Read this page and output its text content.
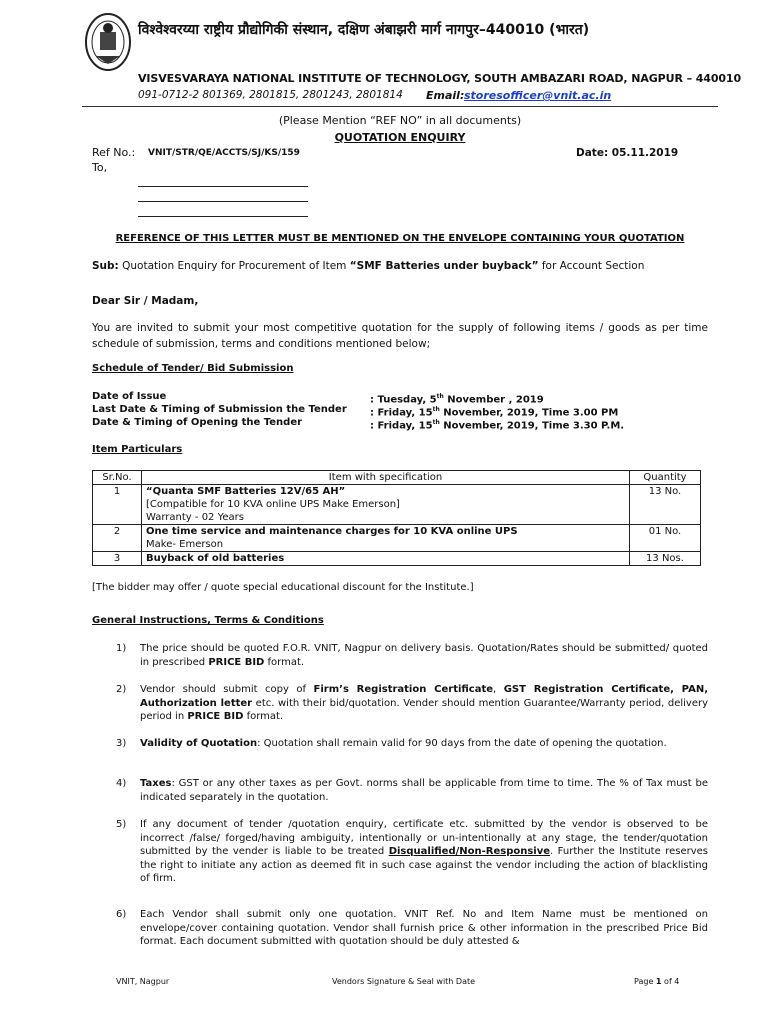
विश्वेश्वरय्या राष्ट्रीय प्रौद्योगिकी संस्थान, दक्षिण अंबाझरी मार्ग नागपुर–440010 (भारत)
VISVESVARAYA NATIONAL INSTITUTE OF TECHNOLOGY, SOUTH AMBAZARI ROAD, NAGPUR – 440010
091-0712-2 801369, 2801815, 2801243, 2801814 Email: storesofficer@vnit.ac.in
(Please Mention “REF NO” in all documents)
QUOTATION ENQUIRY
Ref No.: VNIT/STR/QE/ACCTS/SJ/KS/159	Date: 05.11.2019
To,
REFERENCE OF THIS LETTER MUST BE MENTIONED ON THE ENVELOPE CONTAINING YOUR QUOTATION
Sub: Quotation Enquiry for Procurement of Item “SMF Batteries under buyback” for Account Section
Dear Sir / Madam,
You are invited to submit your most competitive quotation for the supply of following items / goods as per time schedule of submission, terms and conditions mentioned below;
Schedule of Tender/ Bid Submission
Date of Issue	: Tuesday, 5th November , 2019
Last Date & Timing of Submission the Tender : Friday, 15th November, 2019, Time 3.00 PM
Date & Timing of Opening the Tender	: Friday, 15th November, 2019, Time 3.30 P.M.
Item Particulars
Sr.No.	Item with specification	Quantity
1	“Quanta SMF Batteries 12V/65 AH”
[Compatible for 10 KVA online UPS Make Emerson]
Warranty - 02 Years	13 No.
2	One time service and maintenance charges for 10 KVA online UPS
Make- Emerson	01 No.
3	Buyback of old batteries	13 Nos.
[The bidder may offer / quote special educational discount for the Institute.]
General Instructions, Terms & Conditions
1) The price should be quoted F.O.R. VNIT, Nagpur on delivery basis. Quotation/Rates should be submitted/ quoted in prescribed PRICE BID format.
2) Vendor should submit copy of Firm’s Registration Certificate, GST Registration Certificate, PAN, Authorization letter etc. with their bid/quotation. Vender should mention Guarantee/Warranty period, delivery period in PRICE BID format.
3) Validity of Quotation: Quotation shall remain valid for 90 days from the date of opening the quotation.
4) Taxes: GST or any other taxes as per Govt. norms shall be applicable from time to time. The % of Tax must be indicated separately in the quotation.
5) If any document of tender /quotation enquiry, certificate etc. submitted by the vendor is observed to be incorrect /false/ forged/having ambiguity, intentionally or un-intentionally at any stage, the tender/quotation submitted by the vender is liable to be treated Disqualified/Non-Responsive. Further the Institute reserves the right to initiate any action as deemed fit in such case against the vendor including the action of blacklisting of firm.
6) Each Vendor shall submit only one quotation. VNIT Ref. No and Item Name must be mentioned on envelope/cover containing quotation. Vendor shall furnish price & other information in the prescribed Price Bid format. Each document submitted with quotation should be duly attested &
VNIT, Nagpur	Vendors Signature & Seal with Date	Page 1 of 4
